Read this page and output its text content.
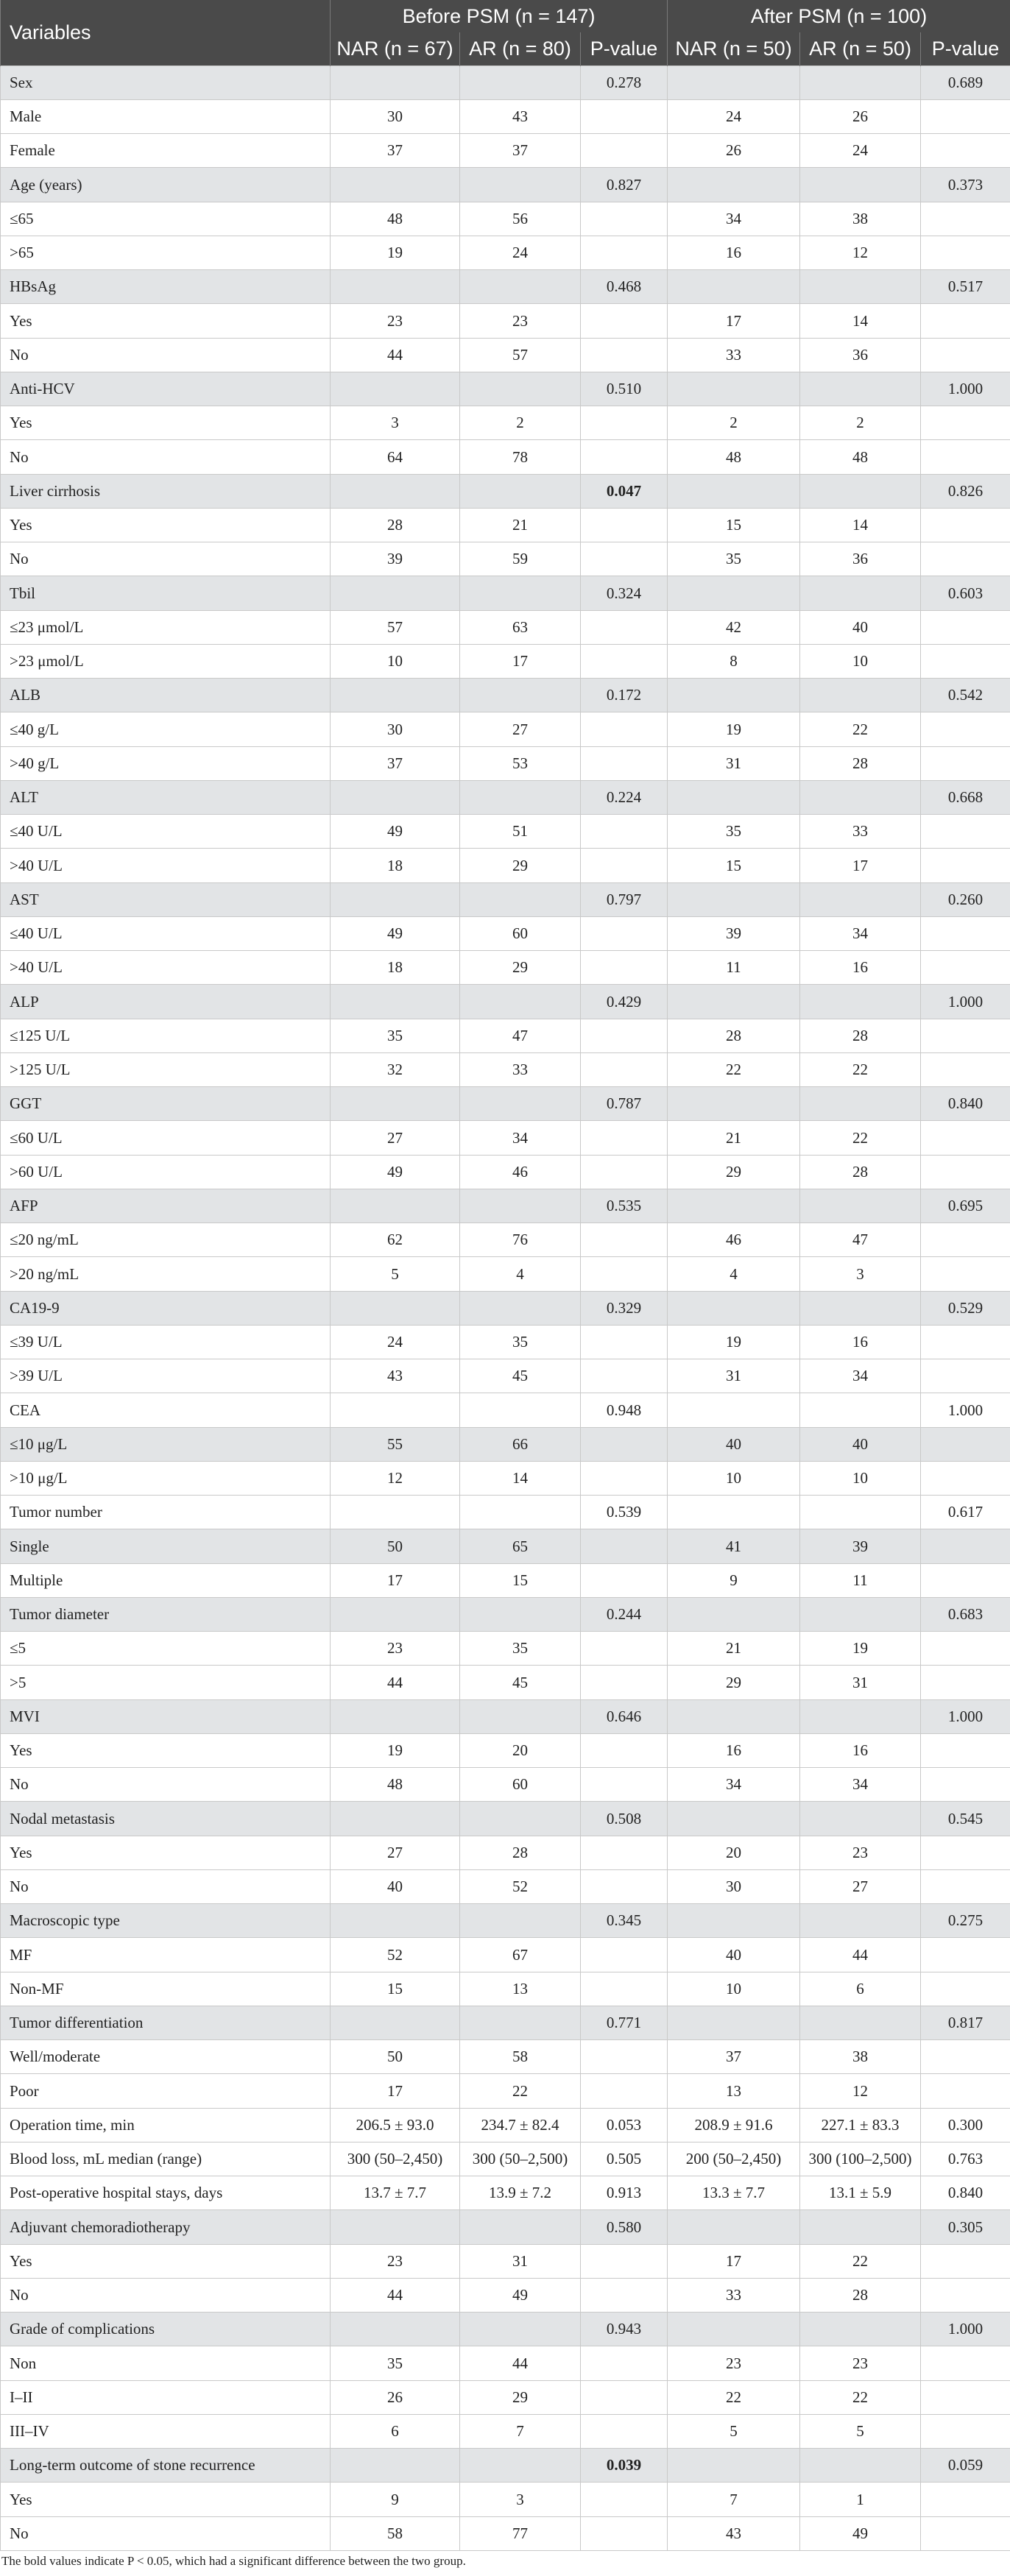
Variables	Before PSM (n = 147)			After PSM (n = 100)		
	NAR (n = 67)	AR (n = 80)	P-value	NAR (n = 50)	AR (n = 50)	P-value
Sex			0.278			0.689
Male	30	43		24	26	
Female	37	37		26	24	
Age (years)			0.827			0.373
≤65	48	56		34	38	
>65	19	24		16	12	
HBsAg			0.468			0.517
Yes	23	23		17	14	
No	44	57		33	36	
Anti-HCV			0.510			1.000
Yes	3	2		2	2	
No	64	78		48	48	
Liver cirrhosis			0.047			0.826
Yes	28	21		15	14	
No	39	59		35	36	
Tbil			0.324			0.603
≤23 μmol/L	57	63		42	40	
>23 μmol/L	10	17		8	10	
ALB			0.172			0.542
≤40 g/L	30	27		19	22	
>40 g/L	37	53		31	28	
ALT			0.224			0.668
≤40 U/L	49	51		35	33	
>40 U/L	18	29		15	17	
AST			0.797			0.260
≤40 U/L	49	60		39	34	
>40 U/L	18	29		11	16	
ALP			0.429			1.000
≤125 U/L	35	47		28	28	
>125 U/L	32	33		22	22	
GGT			0.787			0.840
≤60 U/L	27	34		21	22	
>60 U/L	49	46		29	28	
AFP			0.535			0.695
≤20 ng/mL	62	76		46	47	
>20 ng/mL	5	4		4	3	
CA19-9			0.329			0.529
≤39 U/L	24	35		19	16	
>39 U/L	43	45		31	34	
CEA			0.948			1.000
≤10 μg/L	55	66		40	40	
>10 μg/L	12	14		10	10	
Tumor number			0.539			0.617
Single	50	65		41	39	
Multiple	17	15		9	11	
Tumor diameter			0.244			0.683
≤5	23	35		21	19	
>5	44	45		29	31	
MVI			0.646			1.000
Yes	19	20		16	16	
No	48	60		34	34	
Nodal metastasis			0.508			0.545
Yes	27	28		20	23	
No	40	52		30	27	
Macroscopic type			0.345			0.275
MF	52	67		40	44	
Non-MF	15	13		10	6	
Tumor differentiation			0.771			0.817
Well/moderate	50	58		37	38	
Poor	17	22		13	12	
Operation time, min	206.5 ± 93.0	234.7 ± 82.4	0.053	208.9 ± 91.6	227.1 ± 83.3	0.300
Blood loss, mL median (range)	300 (50–2,450)	300 (50–2,500)	0.505	200 (50–2,450)	300 (100–2,500)	0.763
Post-operative hospital stays, days	13.7 ± 7.7	13.9 ± 7.2	0.913	13.3 ± 7.7	13.1 ± 5.9	0.840
Adjuvant chemoradiotherapy			0.580			0.305
Yes	23	31		17	22	
No	44	49		33	28	
Grade of complications			0.943			1.000
Non	35	44		23	23	
I–II	26	29		22	22	
III–IV	6	7		5	5	
Long-term outcome of stone recurrence			0.039			0.059
Yes	9	3		7	1	
No	58	77		43	49	
The bold values indicate P < 0.05, which had a significant difference between the two group.
